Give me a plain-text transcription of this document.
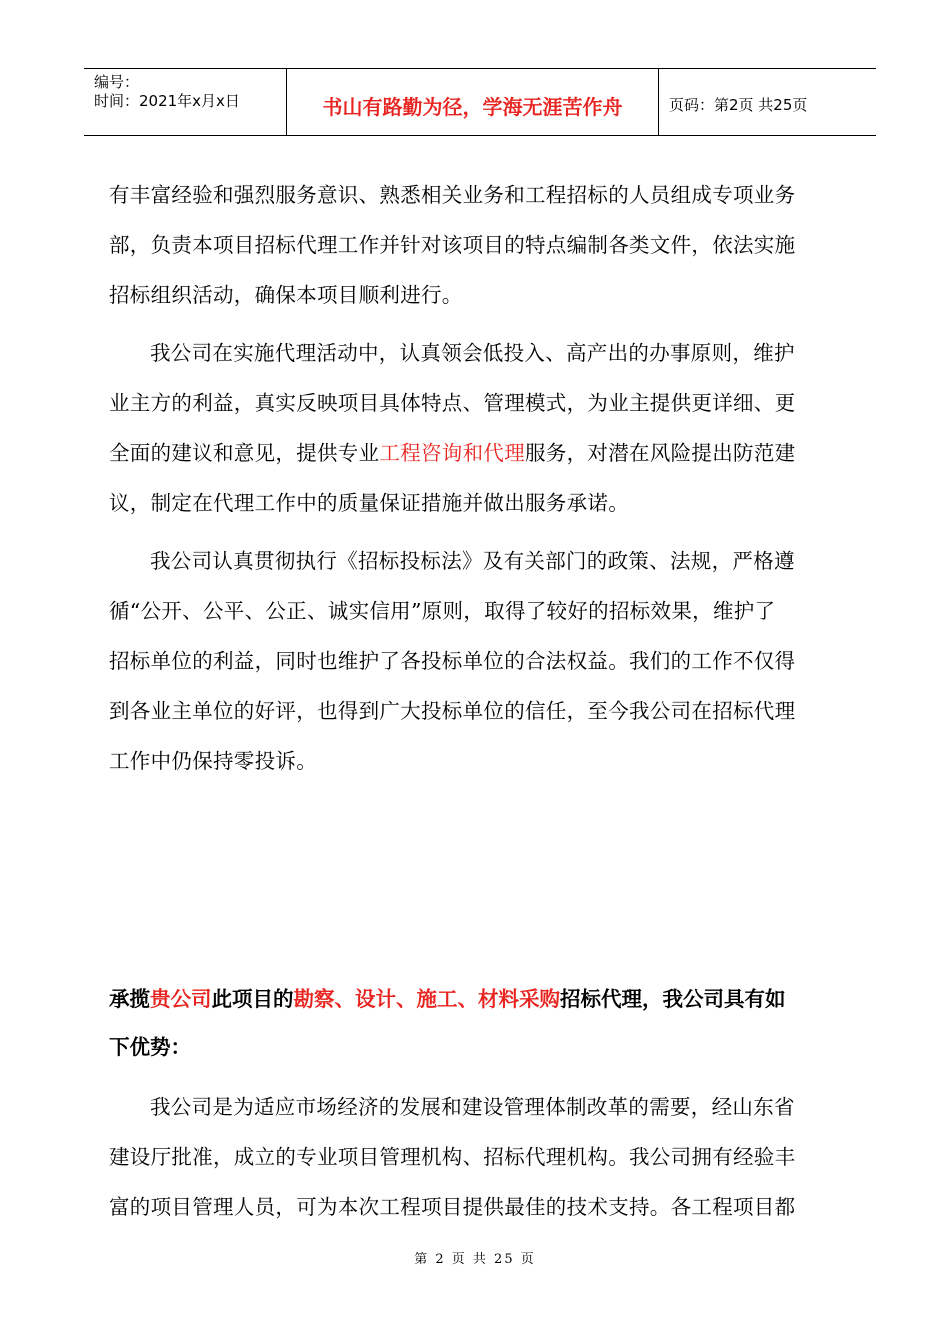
编号：
时间：2021年x月x日	书山有路勤为径，学海无涯苦作舟	页码：第2页 共25页
有丰富经验和强烈服务意识、熟悉相关业务和工程招标的人员组成专项业务
部，负责本项目招标代理工作并针对该项目的特点编制各类文件，依法实施
招标组织活动，确保本项目顺利进行。
我公司在实施代理活动中，认真领会低投入、高产出的办事原则，维护
业主方的利益，真实反映项目具体特点、管理模式，为业主提供更详细、更
全面的建议和意见，提供专业工程咨询和代理服务，对潜在风险提出防范建
议，制定在代理工作中的质量保证措施并做出服务承诺。
我公司认真贯彻执行《招标投标法》及有关部门的政策、法规，严格遵
循“公开、公平、公正、诚实信用”原则，取得了较好的招标效果，维护了
招标单位的利益，同时也维护了各投标单位的合法权益。我们的工作不仅得
到各业主单位的好评，也得到广大投标单位的信任，至今我公司在招标代理
工作中仍保持零投诉。
承揽贵公司此项目的勘察、设计、施工、材料采购招标代理，我公司具有如
下优势：
我公司是为适应市场经济的发展和建设管理体制改革的需要，经山东省
建设厅批准，成立的专业项目管理机构、招标代理机构。我公司拥有经验丰
富的项目管理人员，可为本次工程项目提供最佳的技术支持。各工程项目都
第 2 页 共 25 页
